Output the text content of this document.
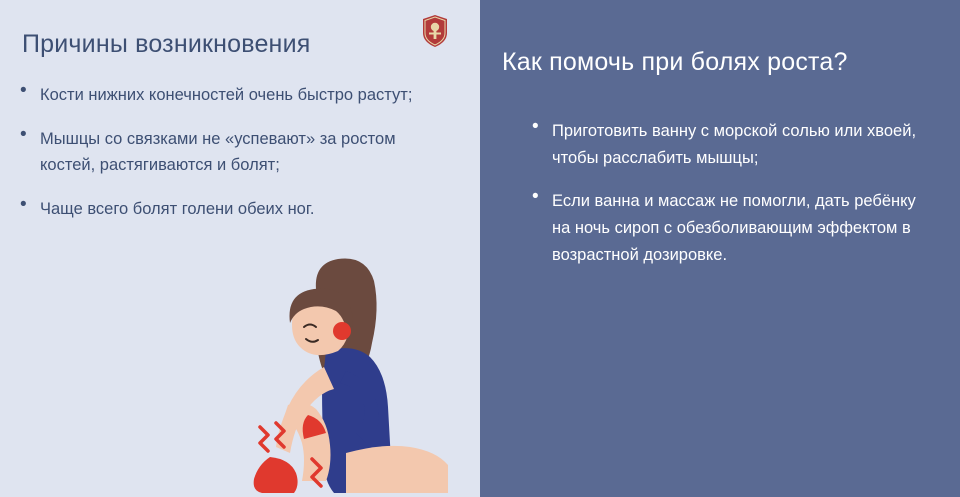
Причины возникновения
• Кости нижних конечностей очень быстро растут;
• Мышцы со связками не «успевают» за ростом костей, растягиваются и болят;
• Чаще всего болят голени обеих ног.
Как помочь при болях роста?
• Приготовить ванну с морской солью или хвоей, чтобы расслабить мышцы;
• Если ванна и массаж не помогли, дать ребёнку на ночь сироп с обезболивающим эффектом в возрастной дозировке.
